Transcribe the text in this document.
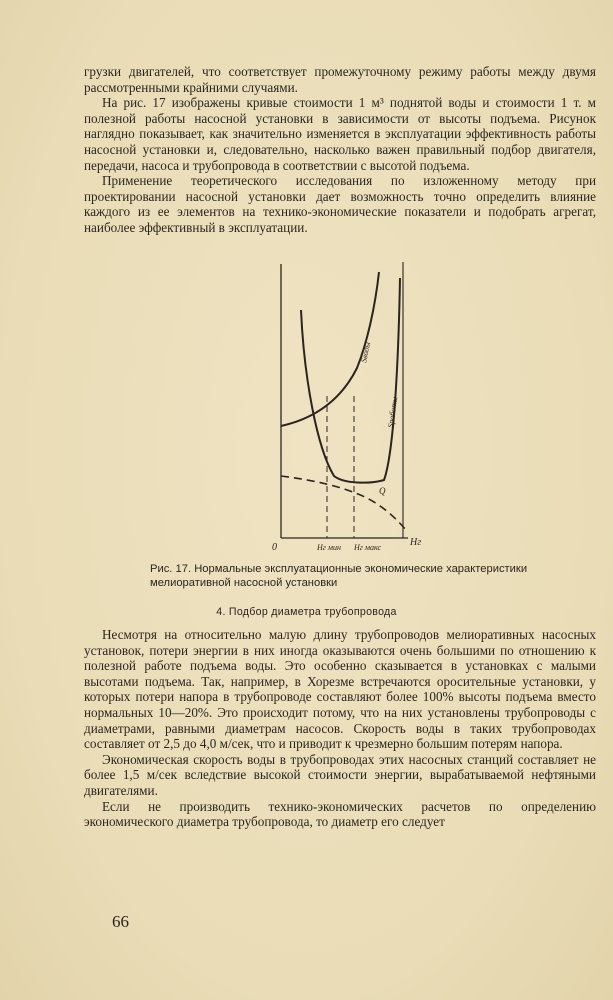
грузки двигателей, что соответствует промежуточному режиму работы между двумя рассмотренными крайними случаями.

На рис. 17 изображены кривые стоимости 1 м³ поднятой воды и стоимости 1 т. м полезной работы насосной установки в зависимости от высоты подъема. Рисунок наглядно показывает, как значительно изменяется в эксплуатации эффективность работы насосной установки и, следовательно, насколько важен правильный подбор двигателя, передачи, насоса и трубопровода в соответствии с высотой подъема.

Применение теоретического исследования по изложенному методу при проектировании насосной установки дает возможность точно определить влияние каждого из ее элементов на технико-экономические показатели и подобрать агрегат, наиболее эффективный в эксплуатации.

0	Hг
Hг мин Hг макс
Sводы
Sработы
Q
Рис. 17. Нормальные эксплуатационные экономические характеристики мелиоративной насосной установки
4. Подбор диаметра трубопровода

Несмотря на относительно малую длину трубопроводов мелиоративных насосных установок, потери энергии в них иногда оказываются очень большими по отношению к полезной работе подъема воды. Это особенно сказывается в установках с малыми высотами подъема. Так, например, в Хорезме встречаются оросительные установки, у которых потери напора в трубопроводе составляют более 100% высоты подъема вместо нормальных 10—20%. Это происходит потому, что на них установлены трубопроводы с диаметрами, равными диаметрам насосов. Скорость воды в таких трубопроводах составляет от 2,5 до 4,0 м/сек, что и приводит к чрезмерно большим потерям напора.

Экономическая скорость воды в трубопроводах этих насосных станций составляет не более 1,5 м/сек вследствие высокой стоимости энергии, вырабатываемой нефтяными двигателями.

Если не производить технико-экономических расчетов по определению экономического диаметра трубопровода, то диаметр его следует

66
